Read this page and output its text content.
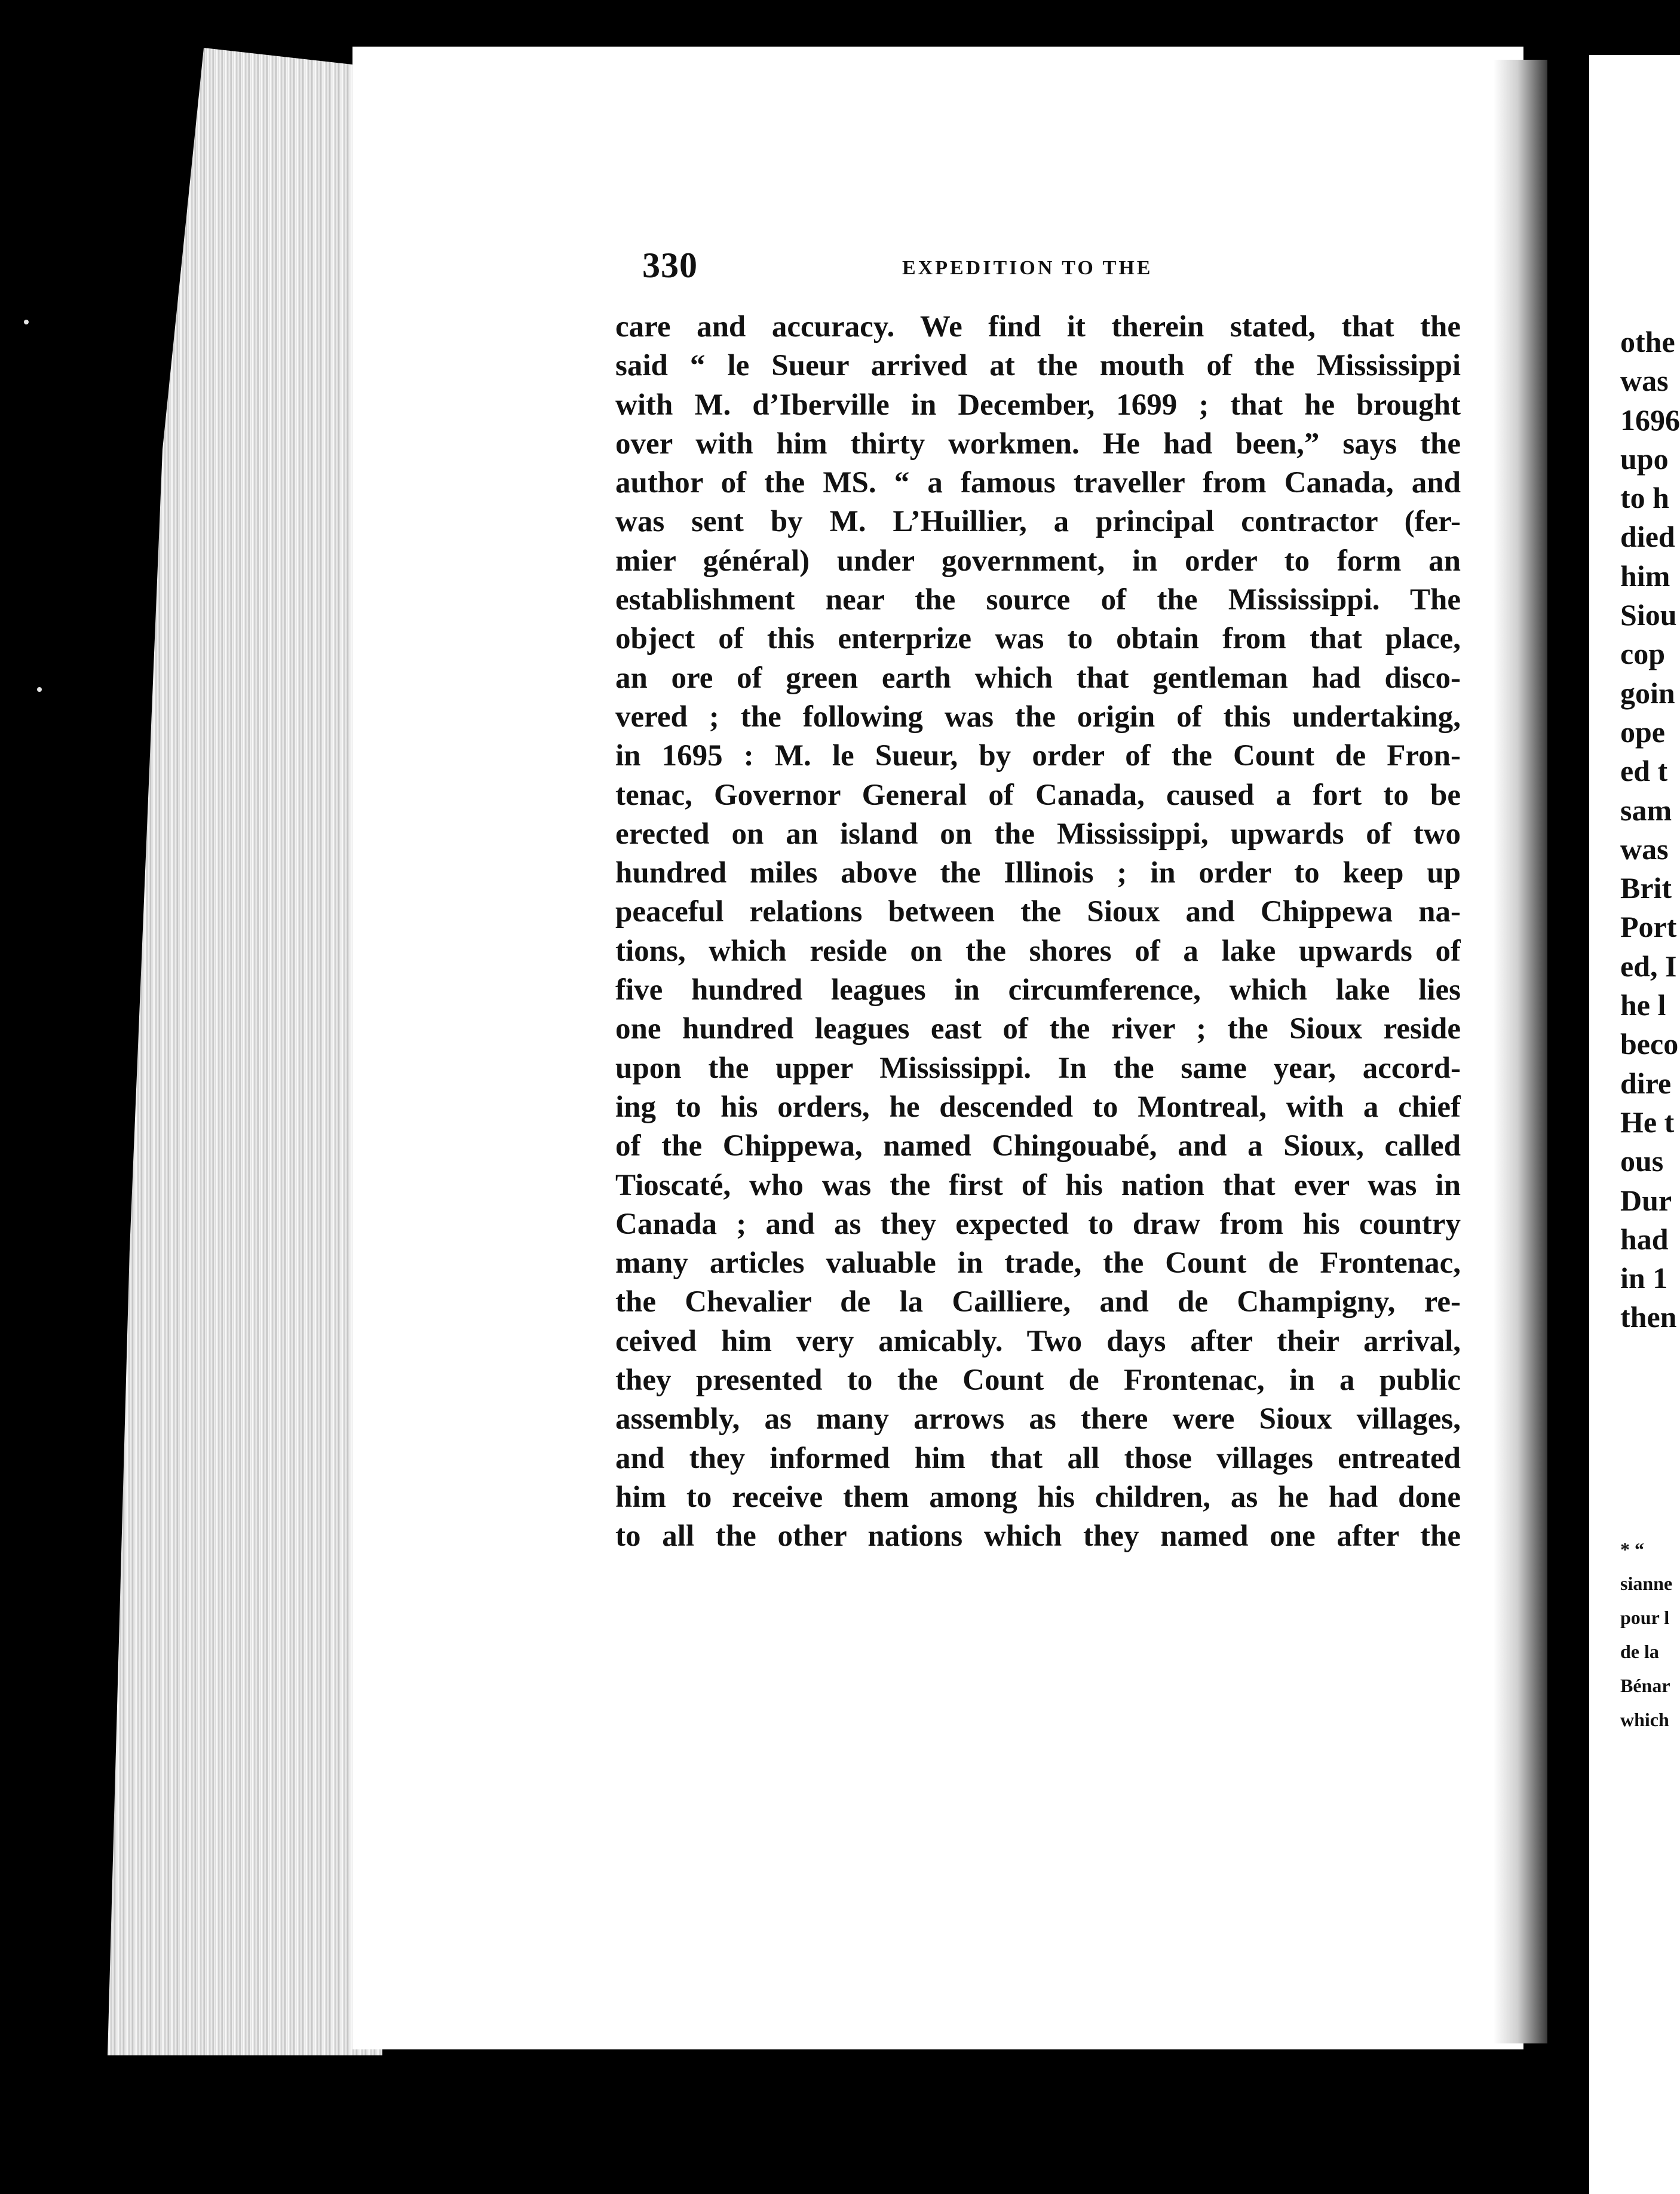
330	EXPEDITION TO THE
care and accuracy. We find it therein stated, that the
said “ le Sueur arrived at the mouth of the Mississippi
with M. d’Iberville in December, 1699 ; that he brought
over with him thirty workmen. He had been,” says the
author of the MS. “ a famous traveller from Canada, and
was sent by M. L’Huillier, a principal contractor (fer-
mier général) under government, in order to form an
establishment near the source of the Mississippi. The
object of this enterprize was to obtain from that place,
an ore of green earth which that gentleman had disco-
vered ; the following was the origin of this undertaking,
in 1695 : M. le Sueur, by order of the Count de Fron-
tenac, Governor General of Canada, caused a fort to be
erected on an island on the Mississippi, upwards of two
hundred miles above the Illinois ; in order to keep up
peaceful relations between the Sioux and Chippewa na-
tions, which reside on the shores of a lake upwards of
five hundred leagues in circumference, which lake lies
one hundred leagues east of the river ; the Sioux reside
upon the upper Mississippi. In the same year, accord-
ing to his orders, he descended to Montreal, with a chief
of the Chippewa, named Chingouabé, and a Sioux, called
Tioscaté, who was the first of his nation that ever was in
Canada ; and as they expected to draw from his country
many articles valuable in trade, the Count de Frontenac,
the Chevalier de la Cailliere, and de Champigny, re-
ceived him very amicably. Two days after their arrival,
they presented to the Count de Frontenac, in a public
assembly, as many arrows as there were Sioux villages,
and they informed him that all those villages entreated
him to receive them among his children, as he had done
to all the other nations which they named one after the
othe
was
1696
upo
to h
died
him
Siou
cop
goin
ope
ed t
sam
was
Brit
Port
ed, I
he l
beco
dire
He t
ous
Dur
had
in 1
then
* “
sianne
pour l
de la
Bénar
which
